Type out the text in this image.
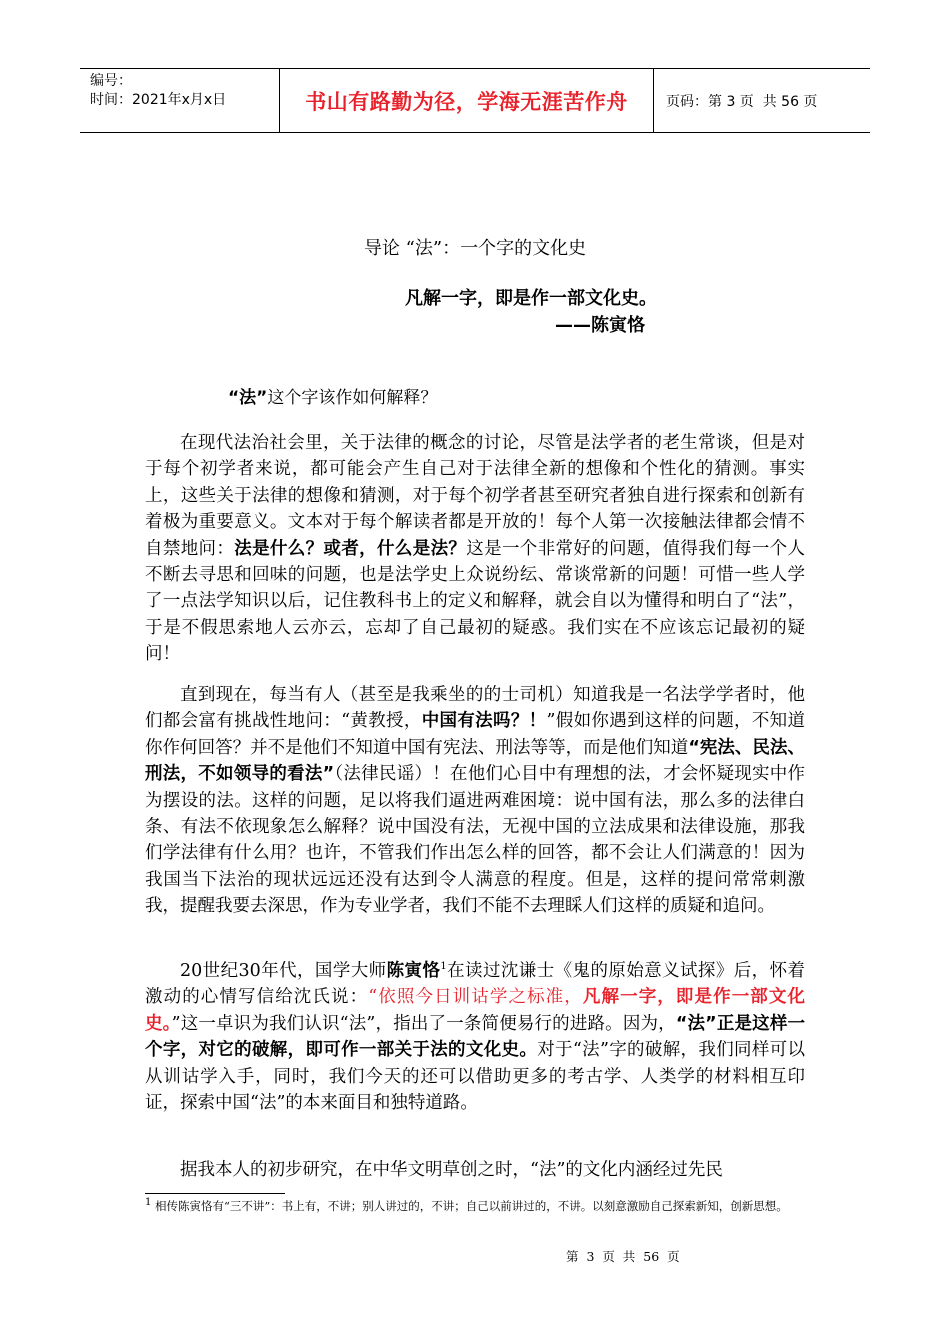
编号：
时间：2021年x月x日	书山有路勤为径，学海无涯苦作舟	页码：第 3 页  共 56 页
导论 “法”：一个字的文化史
凡解一字，即是作一部文化史。
——陈寅恪
“法”这个字该作如何解释？

在现代法治社会里，关于法律的概念的讨论，尽管是法学者的老生常谈，但是对于每个初学者来说，都可能会产生自己对于法律全新的想像和个性化的猜测。事实上，这些关于法律的想像和猜测，对于每个初学者甚至研究者独自进行探索和创新有着极为重要意义。文本对于每个解读者都是开放的！每个人第一次接触法律都会情不自禁地问：法是什么？或者，什么是法？这是一个非常好的问题，值得我们每一个人不断去寻思和回味的问题，也是法学史上众说纷纭、常谈常新的问题！可惜一些人学了一点法学知识以后，记住教科书上的定义和解释，就会自以为懂得和明白了“法”，于是不假思索地人云亦云，忘却了自己最初的疑惑。我们实在不应该忘记最初的疑问！

直到现在，每当有人（甚至是我乘坐的的士司机）知道我是一名法学学者时，他们都会富有挑战性地问：“黄教授，中国有法吗？！”假如你遇到这样的问题，不知道你作何回答？并不是他们不知道中国有宪法、刑法等等，而是他们知道“宪法、民法、刑法，不如领导的看法”（法律民谣）！在他们心目中有理想的法，才会怀疑现实中作为摆设的法。这样的问题，足以将我们逼进两难困境：说中国有法，那么多的法律白条、有法不依现象怎么解释？说中国没有法，无视中国的立法成果和法律设施，那我们学法律有什么用？也许，不管我们作出怎么样的回答，都不会让人们满意的！因为我国当下法治的现状远远还没有达到令人满意的程度。但是，这样的提问常常刺激我，提醒我要去深思，作为专业学者，我们不能不去理睬人们这样的质疑和追问。

20世纪30年代，国学大师陈寅恪$^1$在读过沈谦士《鬼的原始意义试探》后，怀着激动的心情写信给沈氏说：“依照今日训诂学之标准，凡解一字，即是作一部文化史。”这一卓识为我们认识“法”，指出了一条简便易行的进路。因为，“法”正是这样一个字，对它的破解，即可作一部关于法的文化史。对于“法”字的破解，我们同样可以从训诂学入手，同时，我们今天的还可以借助更多的考古学、人类学的材料相互印证，探索中国“法”的本来面目和独特道路。

据我本人的初步研究，在中华文明草创之时，“法”的文化内涵经过先民

$^1$ 相传陈寅恪有“三不讲”：书上有，不讲；别人讲过的，不讲；自己以前讲过的，不讲。以刻意激励自己探索新知，创新思想。
第  3  页  共  56  页
